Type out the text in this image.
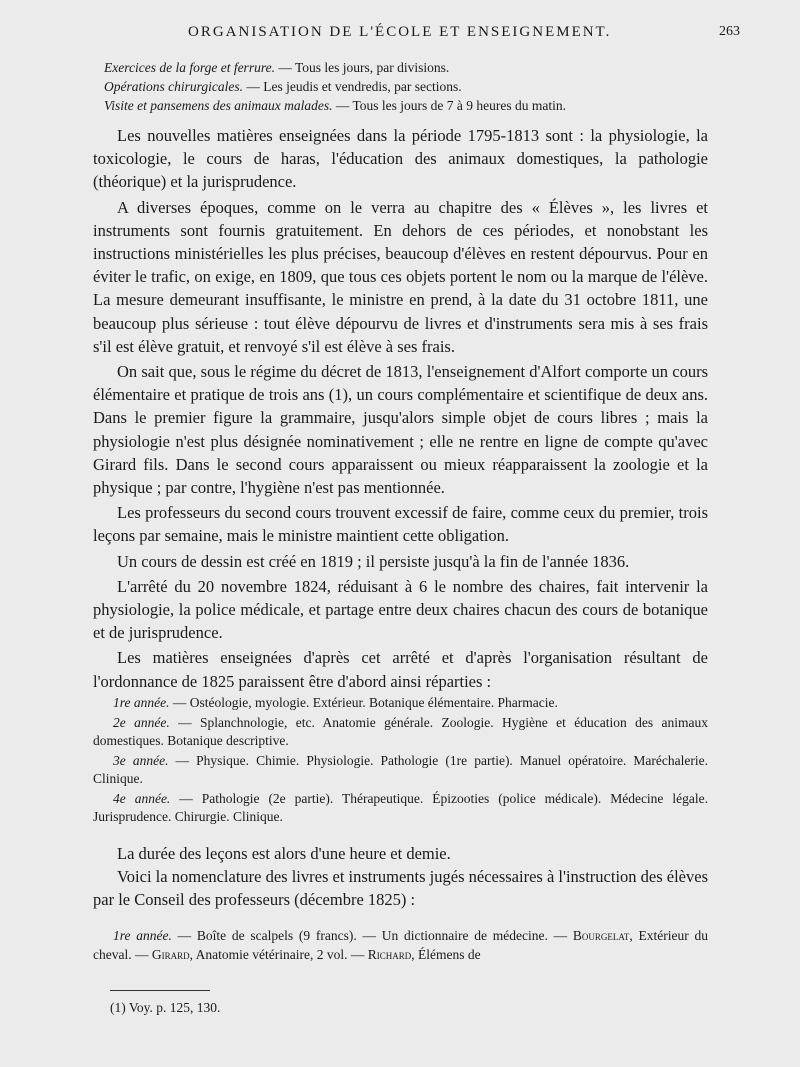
ORGANISATION DE L'ÉCOLE ET ENSEIGNEMENT.	263
Exercices de la forge et ferrure. — Tous les jours, par divisions.
Opérations chirurgicales. — Les jeudis et vendredis, par sections.
Visite et pansemens des animaux malades. — Tous les jours de 7 à 9 heures du matin.

Les nouvelles matières enseignées dans la période 1795-1813 sont : la physiologie, la toxicologie, le cours de haras, l'éducation des animaux domestiques, la pathologie (théorique) et la jurisprudence.

A diverses époques, comme on le verra au chapitre des « Élèves », les livres et instruments sont fournis gratuitement. En dehors de ces périodes, et nonobstant les instructions ministérielles les plus précises, beaucoup d'élèves en restent dépourvus. Pour en éviter le trafic, on exige, en 1809, que tous ces objets portent le nom ou la marque de l'élève. La mesure demeurant insuffisante, le ministre en prend, à la date du 31 octobre 1811, une beaucoup plus sérieuse : tout élève dépourvu de livres et d'instruments sera mis à ses frais s'il est élève gratuit, et renvoyé s'il est élève à ses frais.

On sait que, sous le régime du décret de 1813, l'enseignement d'Alfort comporte un cours élémentaire et pratique de trois ans (1), un cours complémentaire et scientifique de deux ans. Dans le premier figure la grammaire, jusqu'alors simple objet de cours libres ; mais la physiologie n'est plus désignée nominativement ; elle ne rentre en ligne de compte qu'avec Girard fils. Dans le second cours apparaissent ou mieux réapparaissent la zoologie et la physique ; par contre, l'hygiène n'est pas mentionnée.

Les professeurs du second cours trouvent excessif de faire, comme ceux du premier, trois leçons par semaine, mais le ministre maintient cette obligation.

Un cours de dessin est créé en 1819 ; il persiste jusqu'à la fin de l'année 1836.

L'arrêté du 20 novembre 1824, réduisant à 6 le nombre des chaires, fait intervenir la physiologie, la police médicale, et partage entre deux chaires chacun des cours de botanique et de jurisprudence.

Les matières enseignées d'après cet arrêté et d'après l'organisation résultant de l'ordonnance de 1825 paraissent être d'abord ainsi réparties :

1re année. — Ostéologie, myologie. Extérieur. Botanique élémentaire. Pharmacie.

2e année. — Splanchnologie, etc. Anatomie générale. Zoologie. Hygiène et éducation des animaux domestiques. Botanique descriptive.

3e année. — Physique. Chimie. Physiologie. Pathologie (1re partie). Manuel opératoire. Maréchalerie. Clinique.

4e année. — Pathologie (2e partie). Thérapeutique. Épizooties (police médicale). Médecine légale. Jurisprudence. Chirurgie. Clinique.

La durée des leçons est alors d'une heure et demie.

Voici la nomenclature des livres et instruments jugés nécessaires à l'instruction des élèves par le Conseil des professeurs (décembre 1825) :

1re année. — Boîte de scalpels (9 francs). — Un dictionnaire de médecine. — Bourgelat, Extérieur du cheval. — Girard, Anatomie vétérinaire, 2 vol. — Richard, Élémens de

(1) Voy. p. 125, 130.
